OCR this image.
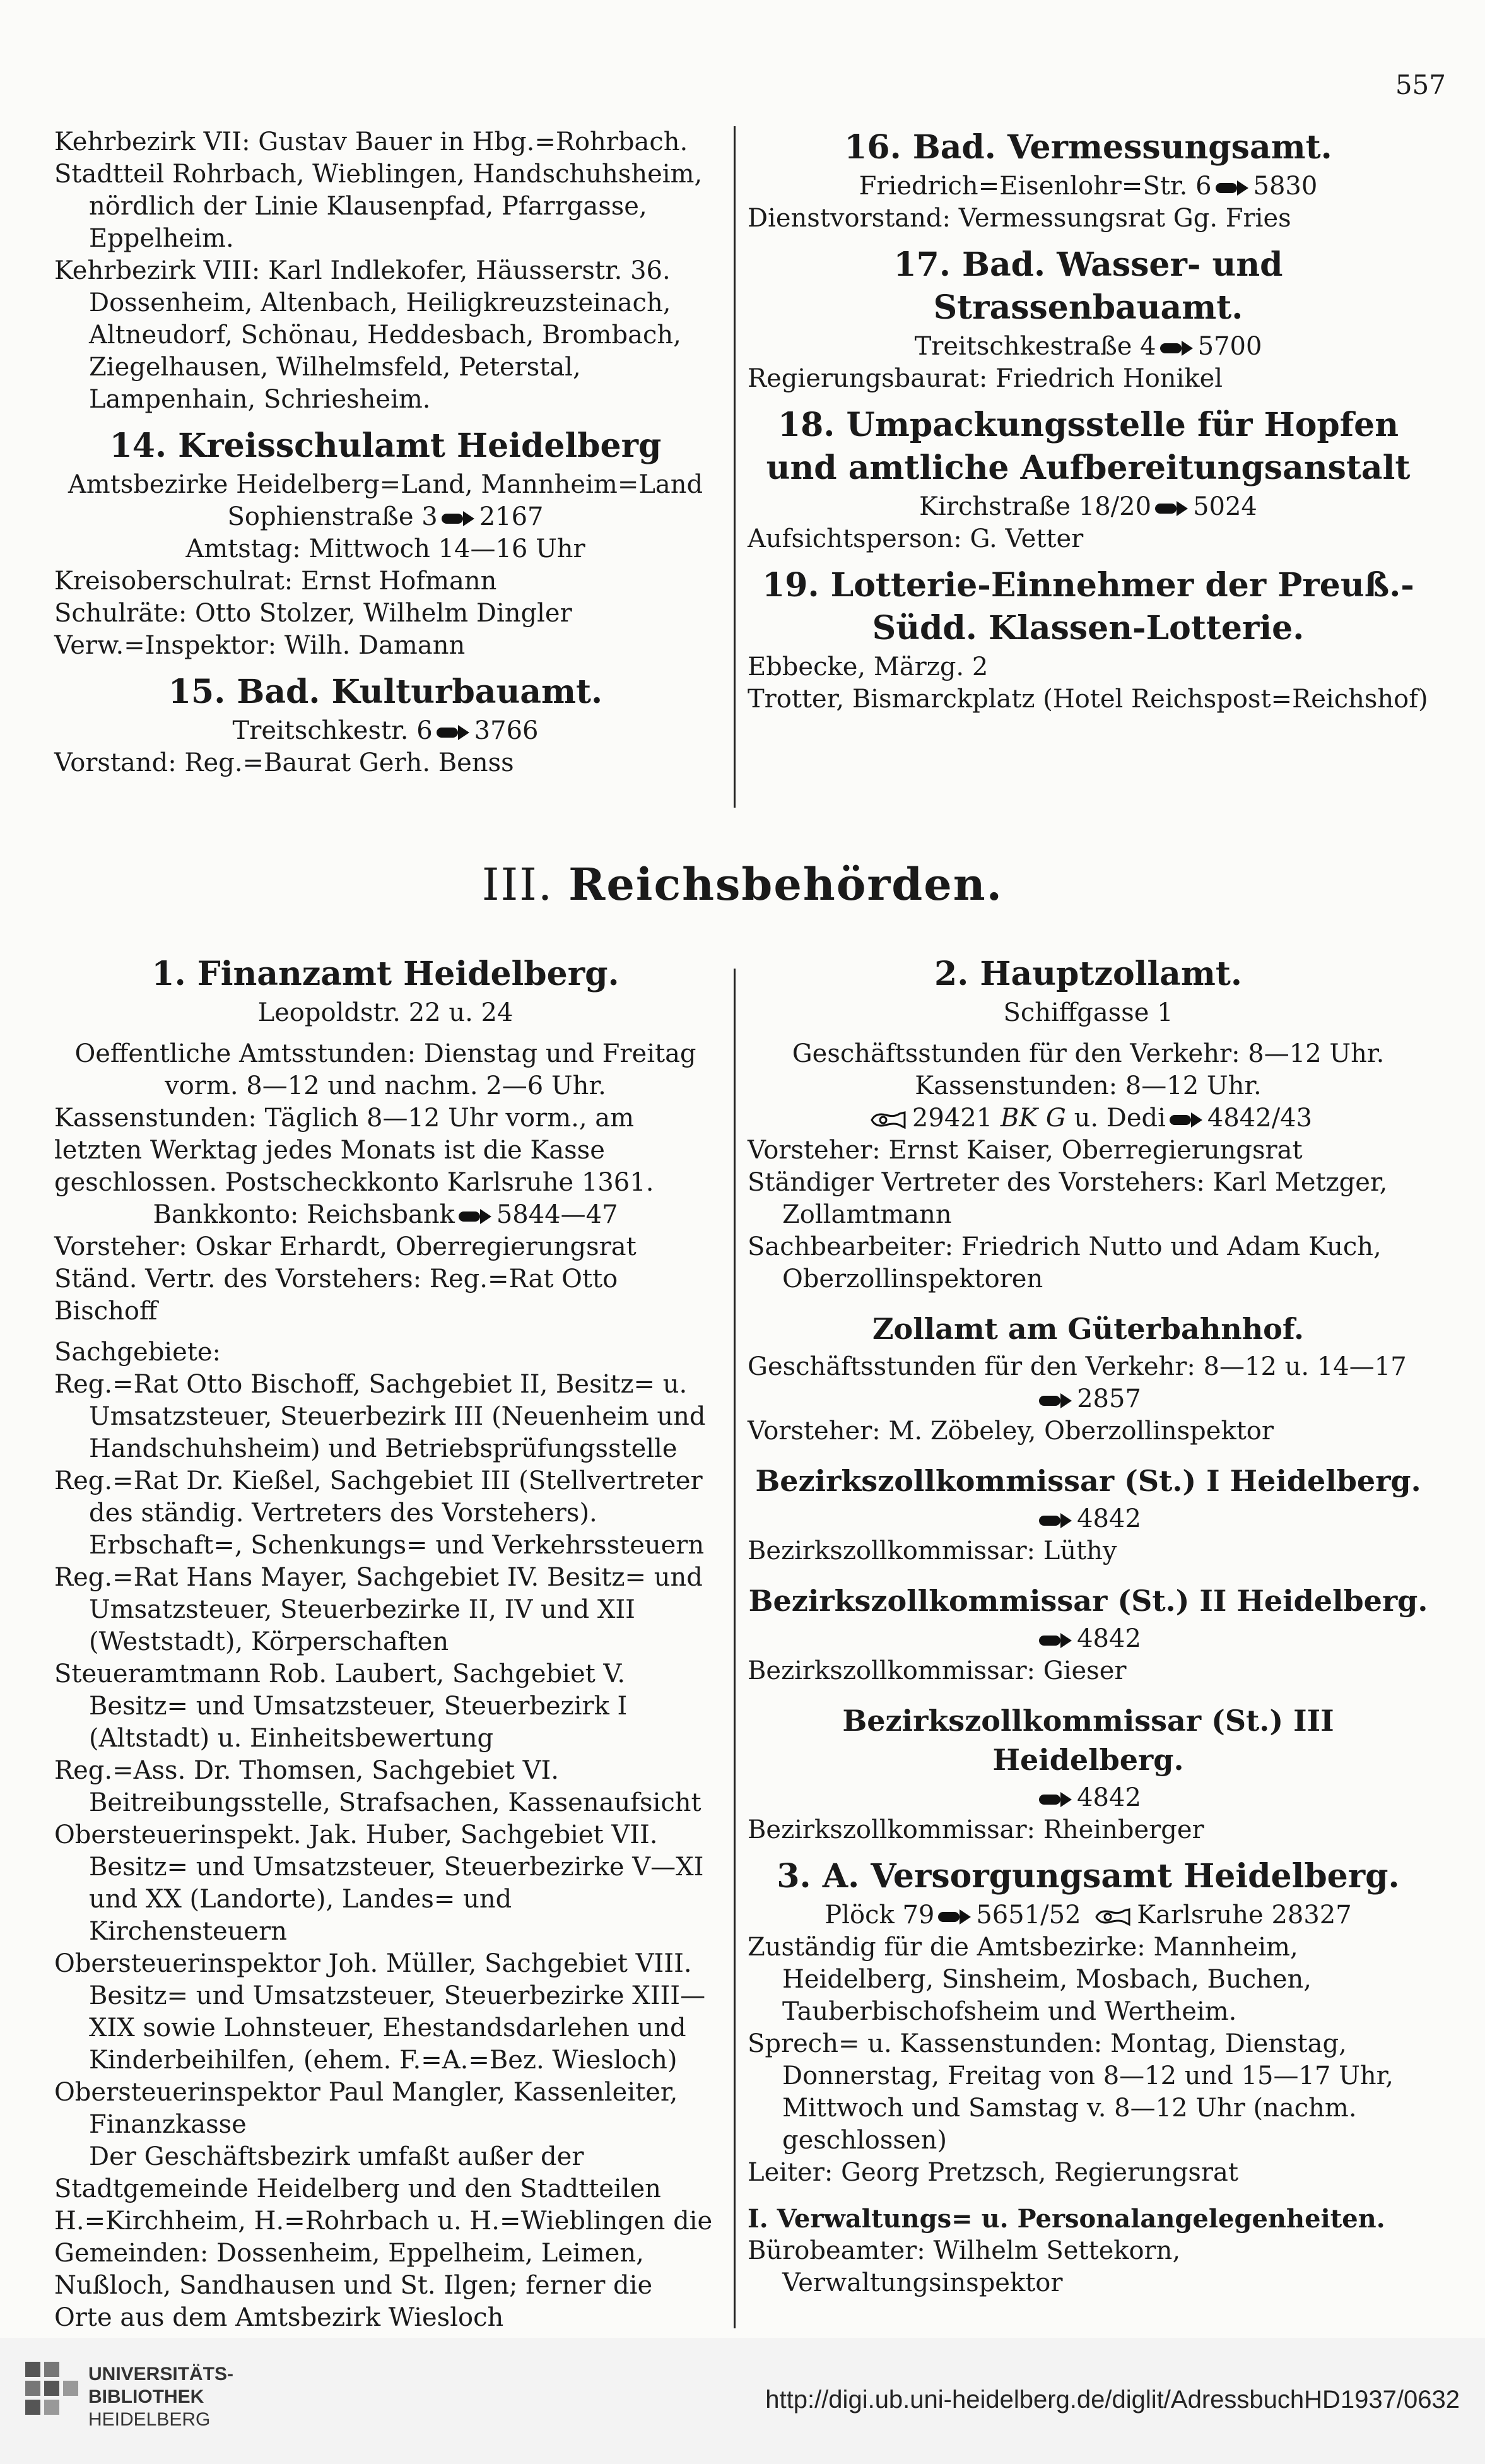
557

Kehrbezirk VII: Gustav Bauer in Hbg.=Rohrbach.

Stadtteil Rohrbach, Wieblingen, Handschuhsheim, nördlich der Linie Klausenpfad, Pfarrgasse, Eppelheim.

Kehrbezirk VIII: Karl Indlekofer, Häusserstr. 36. Dossenheim, Altenbach, Heiligkreuzsteinach, Altneudorf, Schönau, Heddesbach, Brombach, Ziegelhausen, Wilhelmsfeld, Peterstal, Lampenhain, Schriesheim.

14. Kreisschulamt Heidelberg

Amtsbezirke Heidelberg=Land, Mannheim=Land

Sophienstraße 3 2167

Amtstag: Mittwoch 14—16 Uhr

Kreisoberschulrat: Ernst Hofmann

Schulräte: Otto Stolzer, Wilhelm Dingler

Verw.=Inspektor: Wilh. Damann

15. Bad. Kulturbauamt.

Treitschkestr. 6 3766

Vorstand: Reg.=Baurat Gerh. Benss

16. Bad. Vermessungsamt.

Friedrich=Eisenlohr=Str. 6 5830

Dienstvorstand: Vermessungsrat Gg. Fries

17. Bad. Wasser- und Strassenbauamt.

Treitschkestraße 4 5700

Regierungsbaurat: Friedrich Honikel

18. Umpackungsstelle für Hopfen und amtliche Aufbereitungsanstalt

Kirchstraße 18/20 5024

Aufsichtsperson: G. Vetter

19. Lotterie-Einnehmer der Preuß.-Südd. Klassen-Lotterie.

Ebbecke, Märzg. 2

Trotter, Bismarckplatz (Hotel Reichspost=Reichshof)

III. Reichsbehörden.
1. Finanzamt Heidelberg.

Leopoldstr. 22 u. 24

Oeffentliche Amtsstunden: Dienstag und Freitag vorm. 8—12 und nachm. 2—6 Uhr.

Kassenstunden: Täglich 8—12 Uhr vorm., am letzten Werktag jedes Monats ist die Kasse geschlossen. Postscheckkonto Karlsruhe 1361.

Bankkonto: Reichsbank 5844—47

Vorsteher: Oskar Erhardt, Oberregierungsrat

Ständ. Vertr. des Vorstehers: Reg.=Rat Otto Bischoff

Sachgebiete:

Reg.=Rat Otto Bischoff, Sachgebiet II, Besitz= u. Umsatzsteuer, Steuerbezirk III (Neuenheim und Handschuhsheim) und Betriebsprüfungsstelle

Reg.=Rat Dr. Kießel, Sachgebiet III (Stellvertreter des ständig. Vertreters des Vorstehers). Erbschaft=, Schenkungs= und Verkehrssteuern

Reg.=Rat Hans Mayer, Sachgebiet IV. Besitz= und Umsatzsteuer, Steuerbezirke II, IV und XII (Weststadt), Körperschaften

Steueramtmann Rob. Laubert, Sachgebiet V. Besitz= und Umsatzsteuer, Steuerbezirk I (Altstadt) u. Einheitsbewertung

Reg.=Ass. Dr. Thomsen, Sachgebiet VI. Beitreibungsstelle, Strafsachen, Kassenaufsicht

Obersteuerinspekt. Jak. Huber, Sachgebiet VII. Besitz= und Umsatzsteuer, Steuerbezirke V—XI und XX (Landorte), Landes= und Kirchensteuern

Obersteuerinspektor Joh. Müller, Sachgebiet VIII. Besitz= und Umsatzsteuer, Steuerbezirke XIII—XIX sowie Lohnsteuer, Ehestandsdarlehen und Kinderbeihilfen, (ehem. F.=A.=Bez. Wiesloch)

Obersteuerinspektor Paul Mangler, Kassenleiter, Finanzkasse

Der Geschäftsbezirk umfaßt außer der Stadtgemeinde Heidelberg und den Stadtteilen H.=Kirchheim, H.=Rohrbach u. H.=Wieblingen die Gemeinden: Dossenheim, Eppelheim, Leimen, Nußloch, Sandhausen und St. Ilgen; ferner die Orte aus dem Amtsbezirk Wiesloch

2. Hauptzollamt.

Schiffgasse 1

Geschäftsstunden für den Verkehr: 8—12 Uhr.

Kassenstunden: 8—12 Uhr.

29421 BK G u. Dedi 4842/43

Vorsteher: Ernst Kaiser, Oberregierungsrat

Ständiger Vertreter des Vorstehers: Karl Metzger, Zollamtmann

Sachbearbeiter: Friedrich Nutto und Adam Kuch, Oberzollinspektoren

Zollamt am Güterbahnhof.

Geschäftsstunden für den Verkehr: 8—12 u. 14—17

2857

Vorsteher: M. Zöbeley, Oberzollinspektor

Bezirkszollkommissar (St.) I Heidelberg.

4842

Bezirkszollkommissar: Lüthy

Bezirkszollkommissar (St.) II Heidelberg.

4842

Bezirkszollkommissar: Gieser

Bezirkszollkommissar (St.) III Heidelberg.

4842

Bezirkszollkommissar: Rheinberger

3. A. Versorgungsamt Heidelberg.

Plöck 79 5651/52 Karlsruhe 28327

Zuständig für die Amtsbezirke: Mannheim, Heidelberg, Sinsheim, Mosbach, Buchen, Tauberbischofsheim und Wertheim.

Sprech= u. Kassenstunden: Montag, Dienstag, Donnerstag, Freitag von 8—12 und 15—17 Uhr, Mittwoch und Samstag v. 8—12 Uhr (nachm. geschlossen)

Leiter: Georg Pretzsch, Regierungsrat

I. Verwaltungs= u. Personalangelegenheiten.

Bürobeamter: Wilhelm Settekorn, Verwaltungsinspektor

UNIVERSITÄTS-
BIBLIOTHEK
HEIDELBERG
http://digi.ub.uni-heidelberg.de/diglit/AdressbuchHD1937/0632
